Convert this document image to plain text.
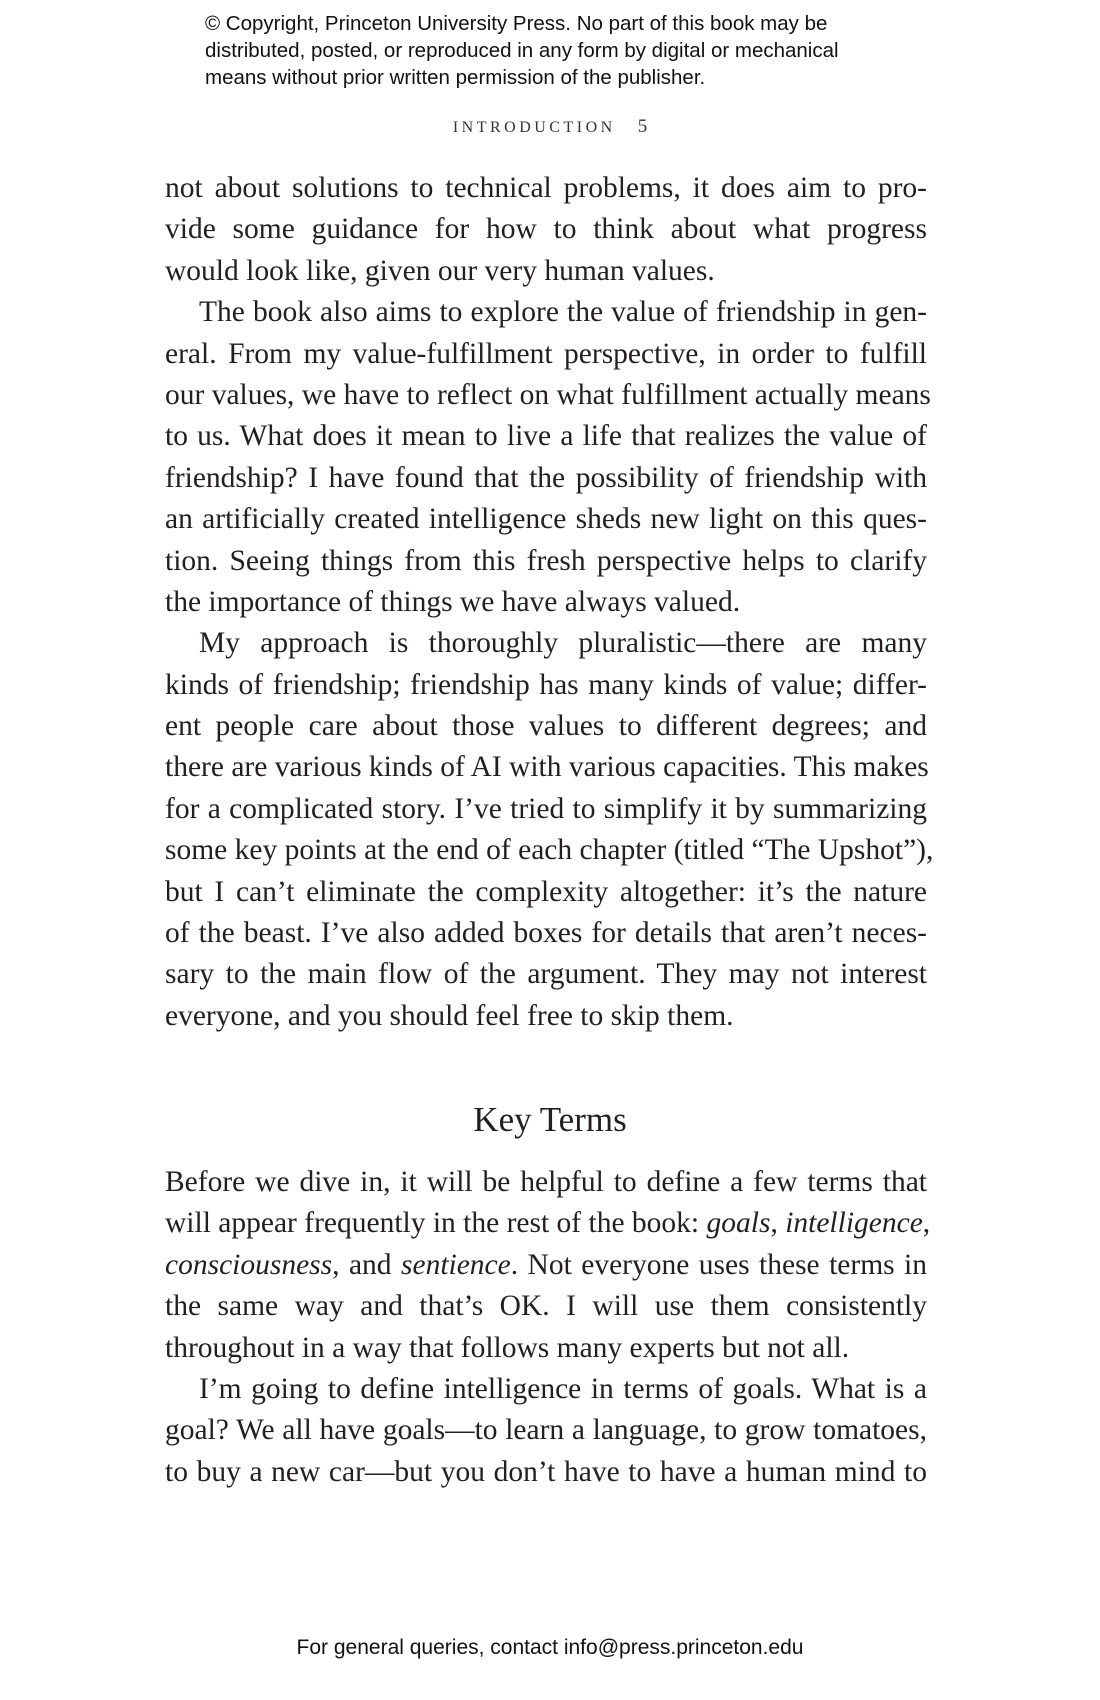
© Copyright, Princeton University Press. No part of this book may be
distributed, posted, or reproduced in any form by digital or mechanical
means without prior written permission of the publisher.
INTRODUCTION 5
not about solutions to technical problems, it does aim to pro-
vide some guidance for how to think about what progress
would look like, given our very human values.
The book also aims to explore the value of friendship in gen-
eral. From my value-fulfillment perspective, in order to fulfill
our values, we have to reflect on what fulfillment actually means
to us. What does it mean to live a life that realizes the value of
friendship? I have found that the possibility of friendship with
an artificially created intelligence sheds new light on this ques-
tion. Seeing things from this fresh perspective helps to clarify
the importance of things we have always valued.
My approach is thoroughly pluralistic—there are many
kinds of friendship; friendship has many kinds of value; differ-
ent people care about those values to different degrees; and
there are various kinds of AI with various capacities. This makes
for a complicated story. I’ve tried to simplify it by summarizing
some key points at the end of each chapter (titled “The Upshot”),
but I can’t eliminate the complexity altogether: it’s the nature
of the beast. I’ve also added boxes for details that aren’t neces-
sary to the main flow of the argument. They may not interest
everyone, and you should feel free to skip them.
Key Terms
Before we dive in, it will be helpful to define a few terms that
will appear frequently in the rest of the book: goals, intelligence,
consciousness, and sentience. Not everyone uses these terms in
the same way and that’s OK. I will use them consistently
throughout in a way that follows many experts but not all.
I’m going to define intelligence in terms of goals. What is a
goal? We all have goals—to learn a language, to grow tomatoes,
to buy a new car—but you don’t have to have a human mind to
For general queries, contact info@press.princeton.edu
